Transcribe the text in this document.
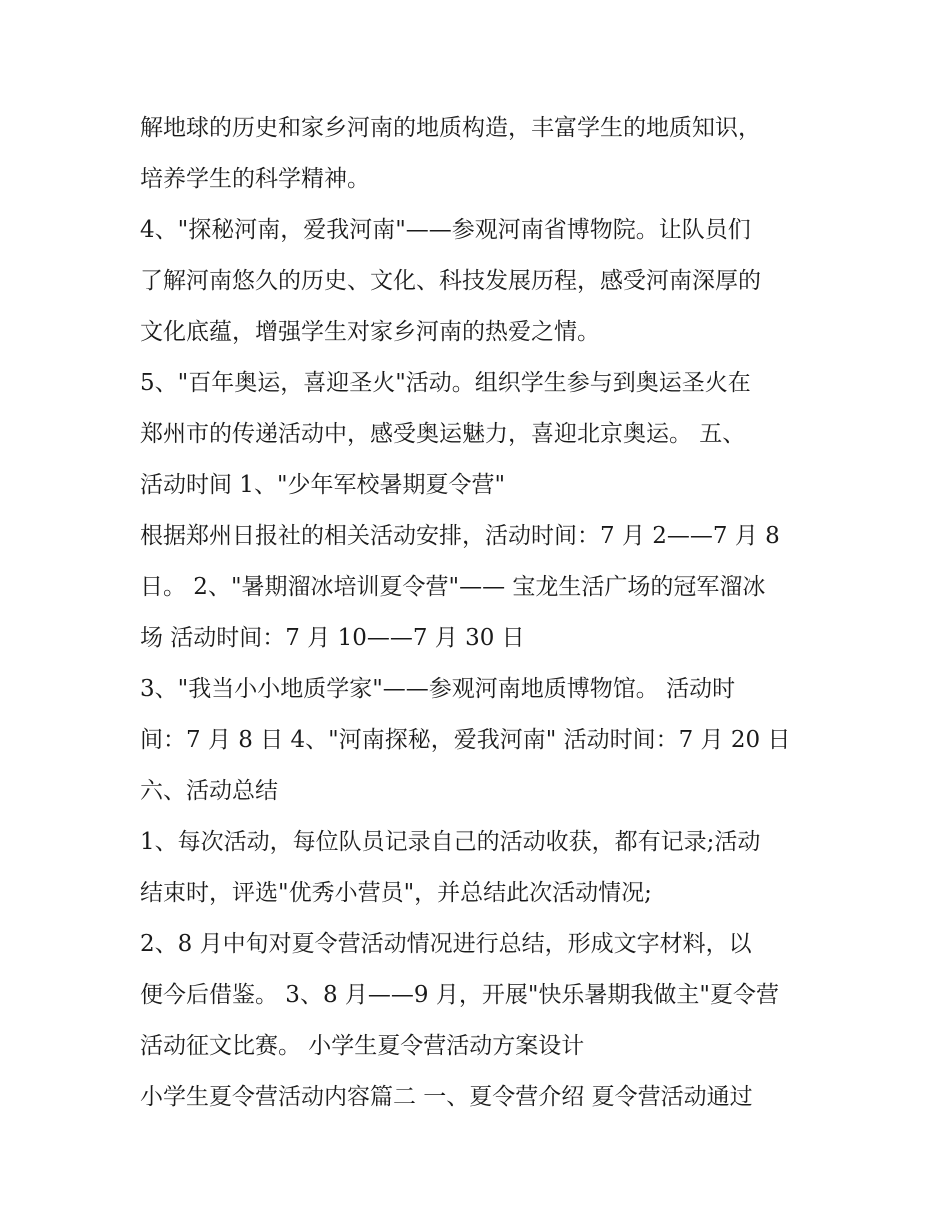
解地球的历史和家乡河南的地质构造，丰富学生的地质知识，
培养学生的科学精神。
4、"探秘河南，爱我河南"——参观河南省博物院。让队员们
了解河南悠久的历史、文化、科技发展历程，感受河南深厚的
文化底蕴，增强学生对家乡河南的热爱之情。
5、"百年奥运，喜迎圣火"活动。组织学生参与到奥运圣火在
郑州市的传递活动中，感受奥运魅力，喜迎北京奥运。 五、
活动时间 1、"少年军校暑期夏令营"
根据郑州日报社的相关活动安排，活动时间：7 月 2——7 月 8
日。 2、"暑期溜冰培训夏令营"—— 宝龙生活广场的冠军溜冰
场 活动时间：7 月 10——7 月 30 日
3、"我当小小地质学家"——参观河南地质博物馆。 活动时
间：7 月 8 日 4、"河南探秘，爱我河南" 活动时间：7 月 20 日
六、活动总结
1、每次活动，每位队员记录自己的活动收获，都有记录;活动
结束时，评选"优秀小营员"，并总结此次活动情况;
2、8 月中旬对夏令营活动情况进行总结，形成文字材料，以
便今后借鉴。 3、8 月——9 月，开展"快乐暑期我做主"夏令营
活动征文比赛。 小学生夏令营活动方案设计
小学生夏令营活动内容篇二 一、夏令营介绍 夏令营活动通过
